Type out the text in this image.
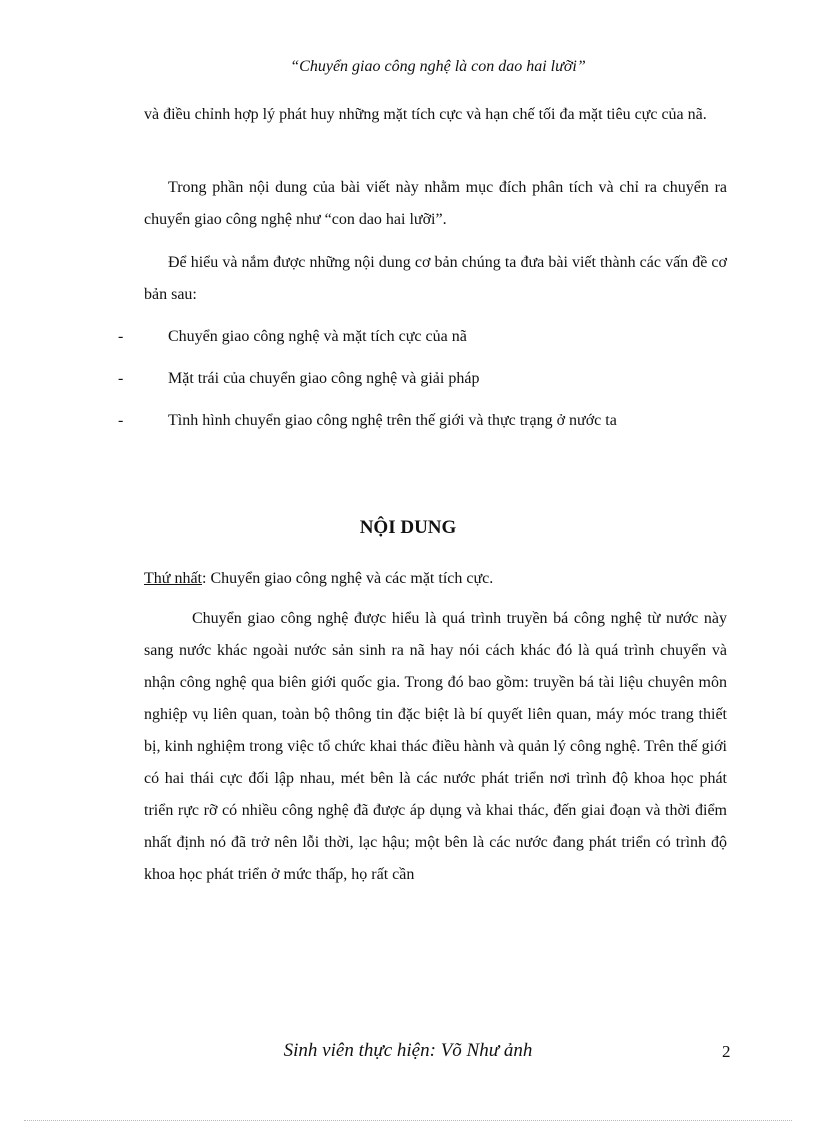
“Chuyển giao công nghệ là con dao hai lưỡi”
và điều chỉnh hợp lý phát huy những mặt tích cực và hạn chế tối đa mặt tiêu cực của nã.
Trong phần nội dung của bài viết này nhằm mục đích phân tích và chỉ ra chuyển ra chuyển giao công nghệ như “con dao hai lưỡi”.
Để hiểu và nắm được những nội dung cơ bản chúng ta đưa bài viết thành các vấn đề cơ bản sau:
-	Chuyển giao công nghệ và mặt tích cực của nã
-	Mặt trái của chuyển giao công nghệ và giải pháp
-	Tình hình chuyển giao công nghệ trên thế giới và thực trạng ở nước ta
NỘI DUNG
Thứ nhất: Chuyển giao công nghệ và các mặt tích cực.
Chuyển giao công nghệ được hiểu là quá trình truyền bá công nghệ từ nước này sang nước khác ngoài nước sản sinh ra nã hay nói cách khác đó là quá trình chuyển và nhận công nghệ qua biên giới quốc gia. Trong đó bao gồm: truyền bá tài liệu chuyên môn nghiệp vụ liên quan, toàn bộ thông tin đặc biệt là bí quyết liên quan, máy móc trang thiết bị, kinh nghiệm trong việc tổ chức khai thác điều hành và quản lý công nghệ. Trên thế giới có hai thái cực đối lập nhau, mét bên là các nước phát triển nơi trình độ khoa học phát triển rực rỡ có nhiều công nghệ đã được áp dụng và khai thác, đến giai đoạn và thời điểm nhất định nó đã trở nên lỗi thời, lạc hậu; một bên là các nước đang phát triển có trình độ khoa học phát triển ở mức thấp, họ rất cần
Sinh viên thực hiện: Võ Như ảnh	2
